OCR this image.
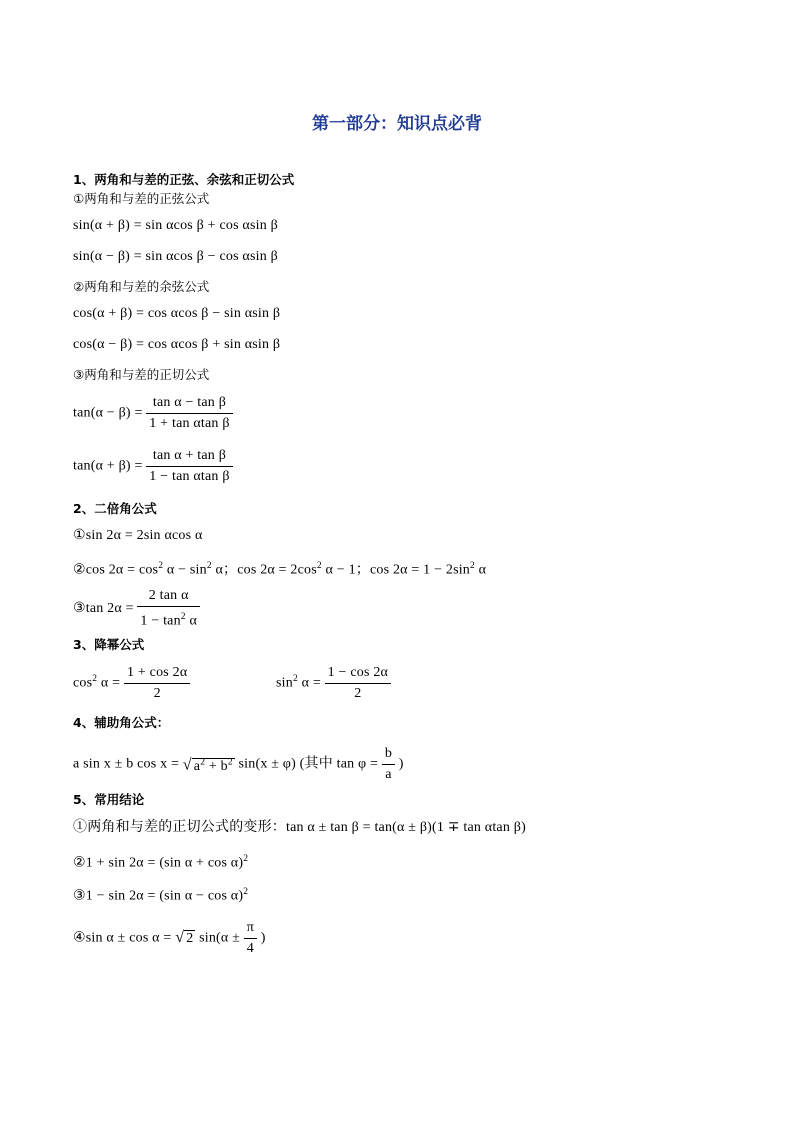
第一部分：知识点必背
1、两角和与差的正弦、余弦和正切公式
①两角和与差的正弦公式
sin(α + β) = sin αcos β + cos αsin β
sin(α − β) = sin αcos β − cos αsin β
②两角和与差的余弦公式
cos(α + β) = cos αcos β − sin αsin β
cos(α − β) = cos αcos β + sin αsin β
③两角和与差的正切公式
$\tan(\alpha - \beta) = \frac{\text{tan α − tan β}}{\text{1 + tan αtan β}}$
$\tan(\alpha + \beta) = \frac{\text{tan α + tan β}}{\text{1 − tan αtan β}}$
2、二倍角公式
①sin 2α = 2sin αcos α
②cos $2\alpha = \cos^2 \alpha - \sin^2 \alpha$；$\cos 2\alpha = 2\cos^2$ α − 1；$\cos 2\alpha = 1 - 2\sin^2$ α
③tan $2\alpha = \frac{\text{2 tan α}}{1 - \tan^2 \alpha}$
3、降幂公式
$\cos^2 \alpha = \frac{1 + \cos 2\alpha}{2}$	$\sin^2 \alpha = \frac{1 - \cos 2\alpha}{2}$
4、辅助角公式：
a sin x ± b cos x = √ $a^2 + b^2$ sin(x ± φ) (其中 $\tan \varphi = \frac{b}{a}$ )
5、常用结论
①两角和与差的正切公式的变形：tan α ± tan β = tan(α ± β)(1 ∓ tan αtan β)
②1 + sin 2α = (sin α + cos α)$^2$
③1 − sin 2α = (sin α − cos α)$^2$
④sin α ± cos α = √ 2 $\sin(\alpha \pm \frac{\pi}{4}$ )
